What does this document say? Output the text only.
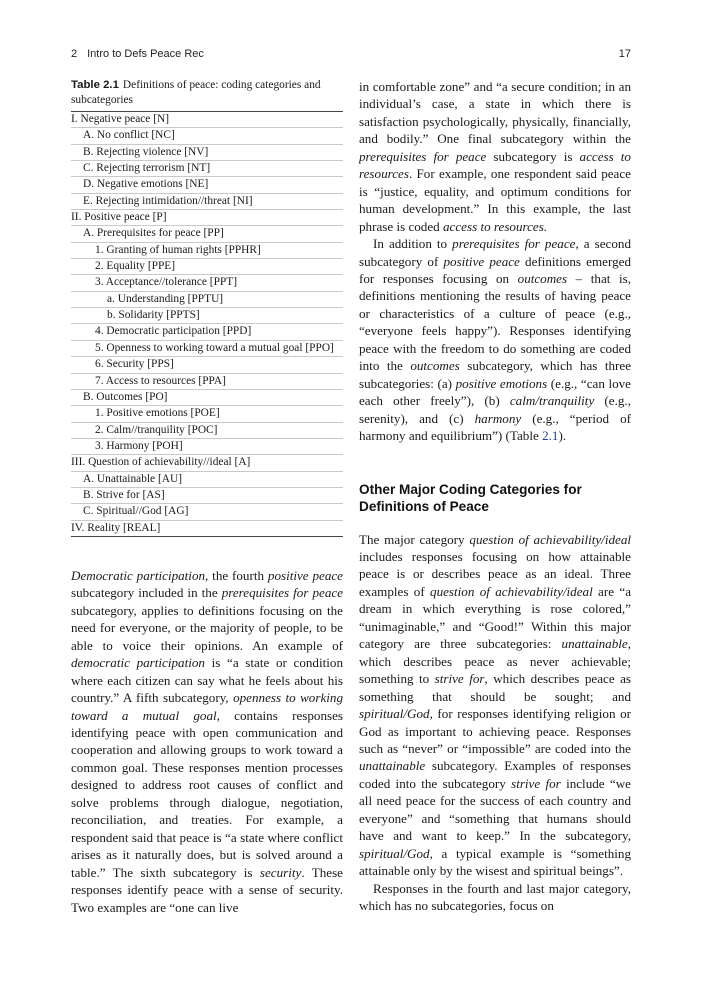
2 Intro to Defs Peace Rec	17
Table 2.1 Definitions of peace: coding categories and subcategories
I. Negative peace [N]
A. No conflict [NC]
B. Rejecting violence [NV]
C. Rejecting terrorism [NT]
D. Negative emotions [NE]
E. Rejecting intimidation//threat [NI]
II. Positive peace [P]
A. Prerequisites for peace [PP]
1. Granting of human rights [PPHR]
2. Equality [PPE]
3. Acceptance//tolerance [PPT]
a. Understanding [PPTU]
b. Solidarity [PPTS]
4. Democratic participation [PPD]
5. Openness to working toward a mutual goal [PPO]
6. Security [PPS]
7. Access to resources [PPA]
B. Outcomes [PO]
1. Positive emotions [POE]
2. Calm//tranquility [POC]
3. Harmony [POH]
III. Question of achievability//ideal [A]
A. Unattainable [AU]
B. Strive for [AS]
C. Spiritual//God [AG]
IV. Reality [REAL]

Democratic participation, the fourth positive peace subcategory included in the prerequisites for peace subcategory, applies to definitions focusing on the need for everyone, or the majority of people, to be able to voice their opinions. An example of democratic participation is “a state or condition where each citizen can say what he feels about his country.” A fifth subcategory, openness to working toward a mutual goal, contains responses identifying peace with open communication and cooperation and allowing groups to work toward a common goal. These responses mention processes designed to address root causes of conflict and solve problems through dialogue, negotiation, reconciliation, and treaties. For example, a respondent said that peace is “a state where conflict arises as it naturally does, but is solved around a table.” The sixth subcategory is security. These responses identify peace with a sense of security. Two examples are “one can live

in comfortable zone” and “a secure condition; in an individual’s case, a state in which there is satisfaction psychologically, physically, financially, and bodily.” One final subcategory within the prerequisites for peace subcategory is access to resources. For example, one respondent said peace is “justice, equality, and optimum conditions for human development.” In this example, the last phrase is coded access to resources.

In addition to prerequisites for peace, a second subcategory of positive peace definitions emerged for responses focusing on outcomes – that is, definitions mentioning the results of having peace or characteristics of a culture of peace (e.g., “everyone feels happy”). Responses identifying peace with the freedom to do something are coded into the outcomes subcategory, which has three subcategories: (a) positive emotions (e.g., “can love each other freely”), (b) calm/tranquility (e.g., serenity), and (c) harmony (e.g., “period of harmony and equilibrium”) (Table 2.1).

Other Major Coding Categories for Definitions of Peace

The major category question of achievability/ideal includes responses focusing on how attainable peace is or describes peace as an ideal. Three examples of question of achievability/ideal are “a dream in which everything is rose colored,” “unimaginable,” and “Good!” Within this major category are three subcategories: unattainable, which describes peace as never achievable; something to strive for, which describes peace as something that should be sought; and spiritual/God, for responses identifying religion or God as important to achieving peace. Responses such as “never” or “impossible” are coded into the unattainable subcategory. Examples of responses coded into the subcategory strive for include “we all need peace for the success of each country and everyone” and “something that humans should have and want to keep.” In the subcategory, spiritual/God, a typical example is “something attainable only by the wisest and spiritual beings”.

Responses in the fourth and last major category, which has no subcategories, focus on
